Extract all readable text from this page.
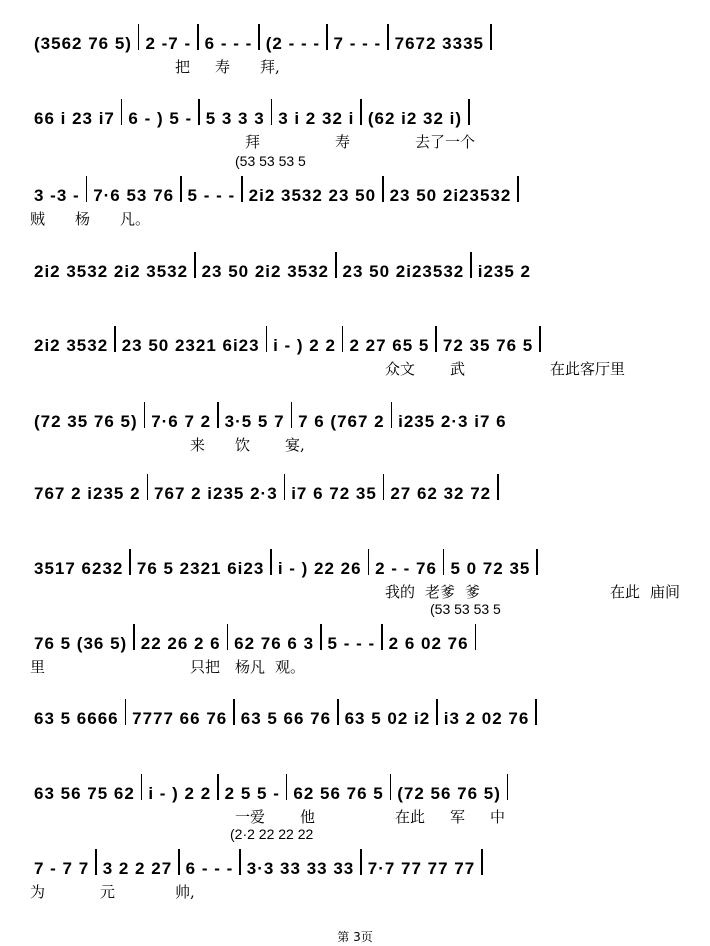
(3562 76 5) 2 -7 - 6 - - - (2 - - - 7 - - - 7672 3335
把 寿 拜,
66 i 23 i7 6 - ) 5 - 5 3 3 3 3 i 2 32 i (62 i2 32 i)
拜	寿	去了一个
(53 53 53 5
3 -3 - 7·6 53 76 5 - - - 2i2 3532 23 50 23 50 2i23532
贼 杨 凡。
2i2 3532 2i2 3532 23 50 2i2 3532 23 50 2i23532 i235 2
2i2 3532 23 50 2321 6i23 i - ) 2 2 2 27 65 5 72 35 76 5
众文 武	在此客厅里
(72 35 76 5) 7·6 7 2 3·5 5 7 7 6 (767 2 i235 2·3 i7 6
来 饮 宴,
767 2 i235 2 767 2 i235 2·3 i7 6 72 35 27 62 32 72
3517 6232 76 5 2321 6i23 i - ) 22 26 2 - - 76 5 0 72 35
我的 老爹 爹	在此 庙间
(53 53 53 5
76 5 (36 5) 22 26 2 6 62 76 6 3 5 - - - 2 6 02 76
里	只把 杨凡 观。
63 5 6666 7777 66 76 63 5 66 76 63 5 02 i2 i3 2 02 76
63 56 75 62 i - ) 2 2 2 5 5 - 62 56 76 5 (72 56 76 5)
一爱 他	在此 军 中
(2·2 22 22 22
7 - 7 7 3 2 2 27 6 - - - 3·3 33 33 33 7·7 77 77 77
为	元	帅,
第 3页
